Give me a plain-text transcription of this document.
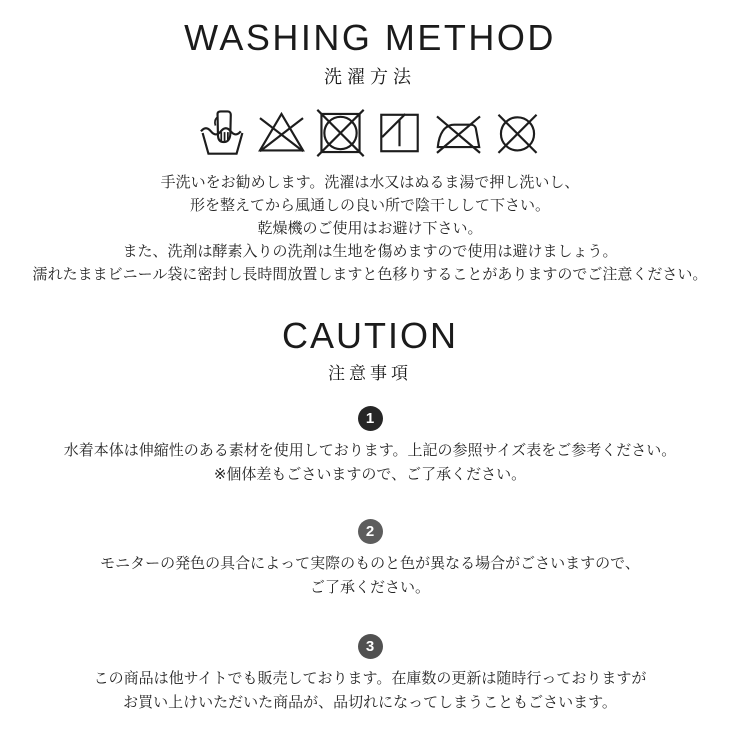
WASHING METHOD
洗濯方法
手洗いをお勧めします。洗濯は水又はぬるま湯で押し洗いし、
形を整えてから風通しの良い所で陰干しして下さい。
乾燥機のご使用はお避け下さい。
また、洗剤は酵素入りの洗剤は生地を傷めますので使用は避けましょう。
濡れたままビニール袋に密封し長時間放置しますと色移りすることがありますのでご注意ください。
CAUTION
注意事項
1
水着本体は伸縮性のある素材を使用しております。上記の参照サイズ表をご参考ください。
※個体差もごさいますので、ご了承ください。
2
モニターの発色の具合によって実際のものと色が異なる場合がごさいますので、
ご了承ください。
3
この商品は他サイトでも販売しております。在庫数の更新は随時行っておりますが
お買い上けいただいた商品が、品切れになってしまうこともごさいます。
